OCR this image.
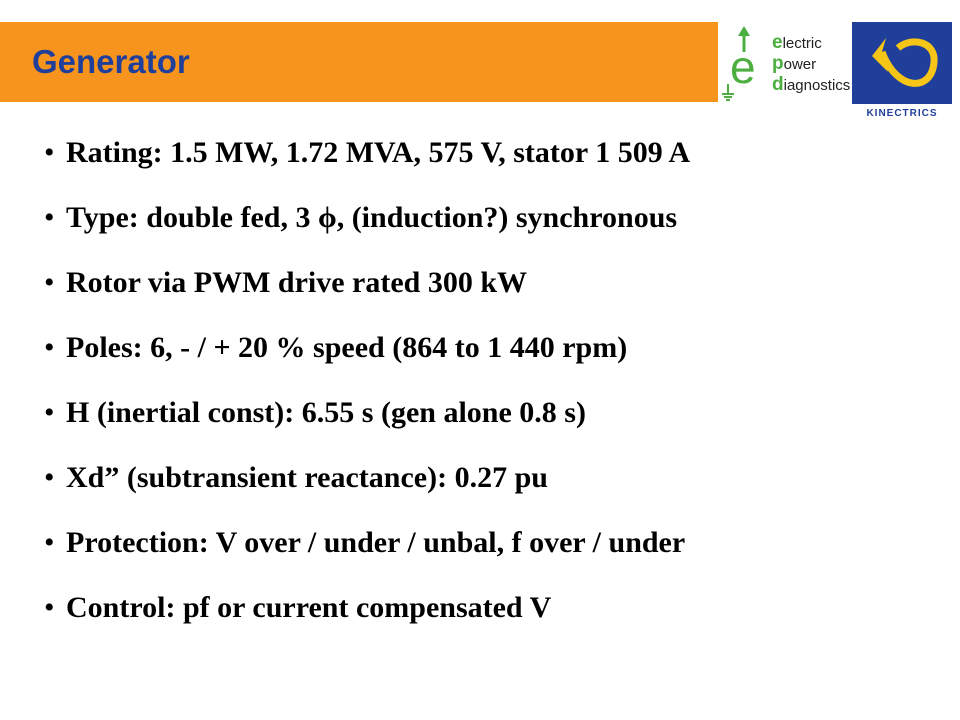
Generator	e electric
power
diagnostics
KINECTRICS
• Rating: 1.5 MW, 1.72 MVA, 575 V, stator 1 509 A
• Type: double fed, 3 ϕ, (induction?) synchronous
• Rotor via PWM drive rated 300 kW
• Poles: 6, - / + 20 % speed (864 to 1 440 rpm)
• H (inertial const): 6.55 s (gen alone 0.8 s)
• Xd” (subtransient reactance): 0.27 pu
• Protection: V over / under / unbal, f over / under
• Control: pf or current compensated V
